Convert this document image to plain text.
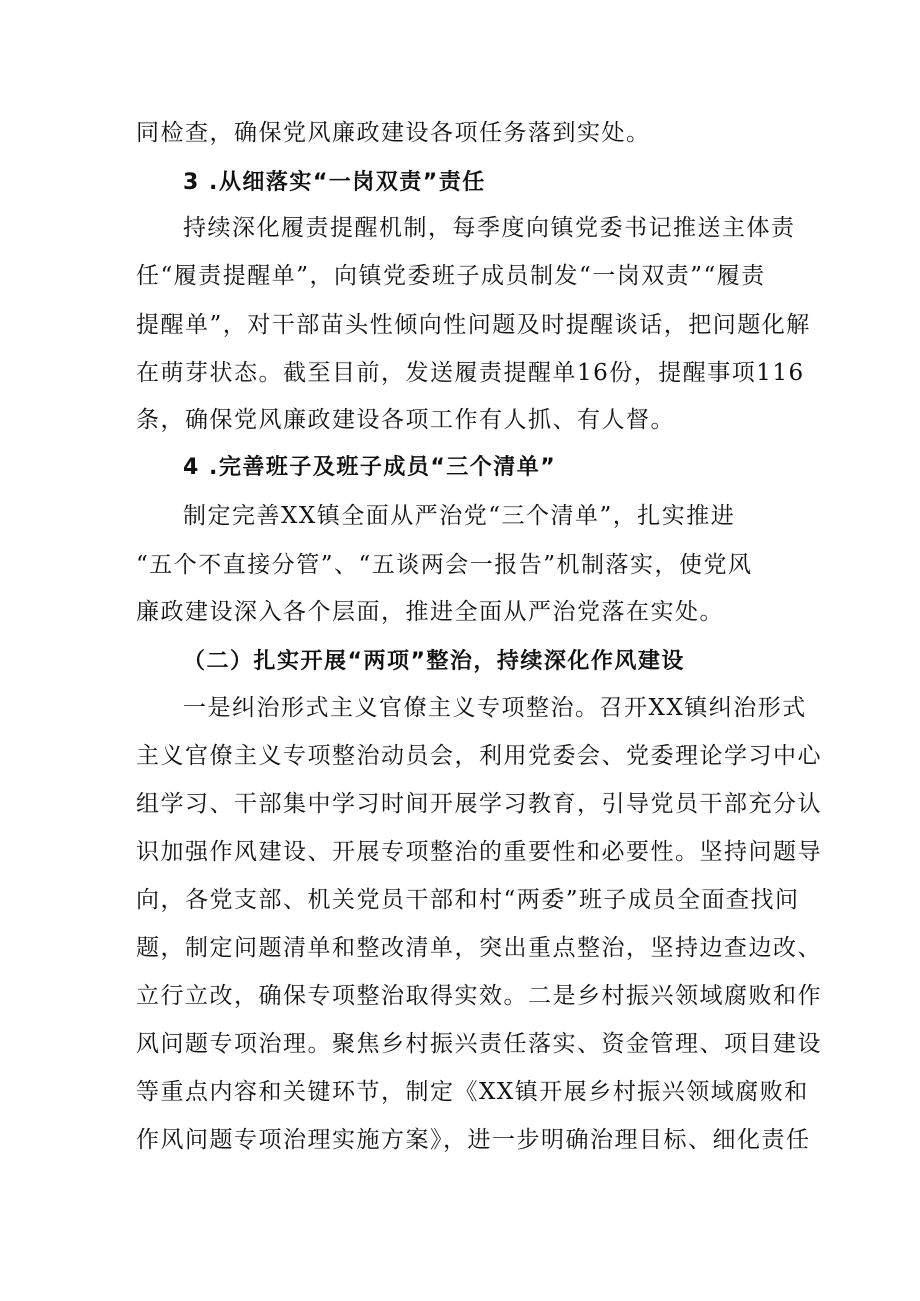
同检查，确保党风廉政建设各项任务落到实处。
3 .从细落实“一岗双责”责任
持续深化履责提醒机制，每季度向镇党委书记推送主体责
任“履责提醒单”，向镇党委班子成员制发“一岗双责”“履责
提醒单”，对干部苗头性倾向性问题及时提醒谈话，把问题化解
在萌芽状态。截至目前，发送履责提醒单16份，提醒事项116
条，确保党风廉政建设各项工作有人抓、有人督。
4 .完善班子及班子成员“三个清单”
制定完善XX镇全面从严治党“三个清单”，扎实推进
“五个不直接分管”、“五谈两会一报告”机制落实，使党风
廉政建设深入各个层面，推进全面从严治党落在实处。
（二）扎实开展“两项”整治，持续深化作风建设
一是纠治形式主义官僚主义专项整治。召开XX镇纠治形式
主义官僚主义专项整治动员会，利用党委会、党委理论学习中心
组学习、干部集中学习时间开展学习教育，引导党员干部充分认
识加强作风建设、开展专项整治的重要性和必要性。坚持问题导
向，各党支部、机关党员干部和村“两委”班子成员全面查找问
题，制定问题清单和整改清单，突出重点整治，坚持边查边改、
立行立改，确保专项整治取得实效。二是乡村振兴领域腐败和作
风问题专项治理。聚焦乡村振兴责任落实、资金管理、项目建设
等重点内容和关键环节，制定《XX镇开展乡村振兴领域腐败和
作风问题专项治理实施方案》，进一步明确治理目标、细化责任
